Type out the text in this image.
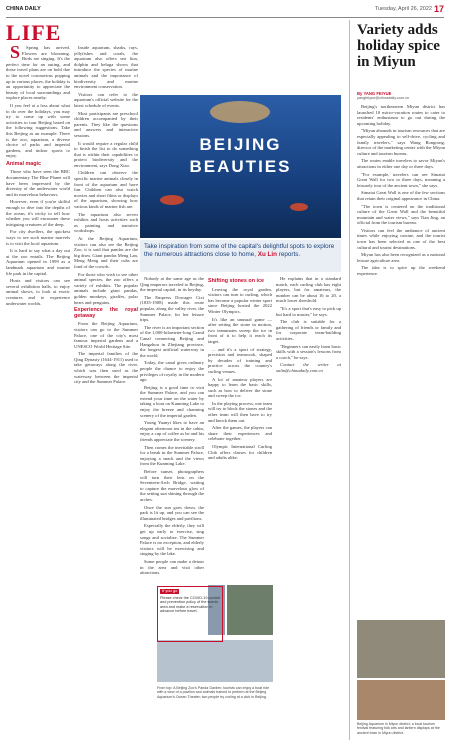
CHINA DAILY	Tuesday, April 26, 2022 17
LIFE

S Spring has arrived. Flowers are blooming. Birds are singing. It's the perfect time for an outing, and those travel plans are on hold due to the novel coronavirus popping up in various places, the holiday is an opportunity to appreciate the beauty of local surroundings and explore places nearby.

If you feel at a loss about what to do over the holidays, you may try to come up with some activities to tour Beijing based on the following suggestions. Take this Beijing as an example. There is the zoo, aquarium, a diverse choice of parks and imperial gardens, and indoor sports to enjoy.

Animal magic

Those who have seen the BBC documentary The Blue Planet will have been impressed by the diversity of the underwater world and its marvelous behaviors.

However, even if you're skilful enough to dive into the depths of the ocean, it's tricky to tell how whether you will encounter these intriguing creatures of the deep.

For city dwellers, the quickest ways to see such marine marvels is to visit the local aquarium.

It is hard to say what a day out at the zoo entails. The Beijing Aquarium opened in 1999 as a landmark aquarium and marine life park in the capital.

Hosts and visitors can see several exhibition halls, to enjoy animal shows, to look at exotic creatures and to experience underwater worlds.

Inside aquarium, sharks, rays, jellyfishes and corals, the aquarium also offers sea lion, dolphin and beluga shows that introduce the species of marine animals and the importance of biodiversity and marine environment conservation.

Visitors can refer to the aquarium's official website for the latest schedule of events.

Most participants are preschool children accompanied by their parents. They like the questions and answers and interactive sessions.

It would require a regular child to finish the list to do something that is within their capabilities to protect biodiversity and the environment, says Dong Xiao.

Children can observe the specific marine animals closely in front of the aquarium and have fun. Children can also watch movies and short films or displays of the aquarium, showing how various kinds of marine fish are.

The aquarium also serves exhibits and hosts activities such as painting and narrative workshops.

At the Beijing Aquarium, visitors can also see the Beijing Zoo, it is said that pandas are the big draw. Giant pandas Meng Lan, Meng Meng and their cubs are fond of the crowds.

For those who wish to see other animal species, the zoo offers a variety of exhibits. The popular animals include giant pandas, golden monkeys, giraffes, polar bears and penguins.

Experience the royal getaway

From the Beijing Aquarium, visitors can go to the Summer Palace, one of the city's most famous imperial gardens and a UNESCO World Heritage Site.

The imperial families of the Qing Dynasty (1644-1911) used to take getaways along the river, which was then used as the waterway between the imperial city and the Summer Palace.

BEIJING
BEAUTIES
Take inspiration from some of the capital's delightful spots to explore the numerous attractions close to home, Xu Lin reports.

Nobody at the same age as the Qing emperors traveled to Beijing, the imperial capital, in its heyday.

The Empress Dowager Cixi (1835-1908) made this route popular, along the valley river, the Summer Palace, for her leisure trips.

The river is an important section of the 1,000-kilometer-long Grand Canal connecting Beijing and Hangzhou in Zhejiang province, the longest artificial waterway in the world.

Today, the canal gives ordinary people the chance to enjoy the privileges of royalty in the modern age.

Beijing is a good time to visit the Summer Palace, and you can extend your time on the water by taking a boat on Kunming Lake to enjoy the breeze and charming scenery of the imperial garden.

Young Yuanyi likes to have an elegant afternoon tea in the cabin, enjoy a cup of coffee as he and his friends appreciate the scenery.

Then comes the inevitable stroll for a break in the Summer Palace, enjoying a snack and the views from the Kunming Lake.

Before sunset, photographers will turn their lens on the Seventeen-Arch Bridge, waiting to capture the marvelous glow of the setting sun shining through the arches.

Once the sun goes down, the park is lit up, and you can see the illuminated bridges and pavilions.

Especially the elderly, they will get up early to exercise, sing songs and socialize. The Summer Palace is no exception, and elderly visitors will be exercising and singing by the lake.

Some people can make a detour in the area and visit other attractions.

Shifting stones on ice

Leaving the royal garden, visitors can turn to curling, which has become a popular winter sport since Beijing hosted the 2022 Winter Olympics.

It's like an unusual game — after setting the stone in motion, two teammates sweep the ice in front of it to help it reach its target.

... and it's a sport of strategy, precision and teamwork, shaped by decades of training and practice across the country's curling venues.

A lot of amateur players are happy to learn the basic skills, such as how to deliver the stone and sweep the ice.

In the playing process, one team will try to block the stones and the other team will then have to try and knock them out.

After the games, the players can share their experiences and celebrate together.

Olympic International Curling Club offers classes for children and adults alike.

He explains that in a standard match, each curling club has eight players, but for amateurs, the number can be about 16 to 20, a much lower threshold.

"It's a sport that's easy to pick up but hard to master," he says.

The club is suitable for a gathering of friends or family and for corporate team-building activities.

"Beginners can easily learn basic skills with a session's lessons from a coach," he says.

Contact the writer at xulin@chinadaily.com.cn

If you go
Please check the COVID-19 control and prevention policy of the scenic area and make a reservation in advance before travel.
From top: A Beijing Zoo's Panda Garden; tourists can enjoy a boat ride with a view of a pavilion and animals trained to perform at the Beijing Aquarium's Ocean Theater; two people try curling at a club in Beijing.
Variety adds holiday spice in Miyun
By YANG FEIYUE
yangfeiyue@chinadaily.com.cn

Beijing's northeastern Miyun district has launched 10 micro-vacation routes to cater to residents' enthusiasm to go out during the upcoming holiday.

"Miyun abounds in tourism resources that are especially appealing to self-drive, cycling and family travelers," says Wang Rongrong, director of the marketing center with the Miyun culture and tourism bureau.

The routes enable travelers to savor Miyun's attractions in either one day or three days.

"For example, travelers can see Simatai Great Wall for two or three days, meaning a leisurely tour of the ancient town," she says.

Simatai Great Wall is one of the few sections that retain their original appearance in China.

"The town is centered on the traditional culture of the Great Wall and the beautiful mountain and water views," says Tian Jing, an official from the tourism bureau.

Visitors can feel the ambiance of ancient times while enjoying cuisine, and the tourist town has been selected as one of the best cultural and tourist destinations.

Miyun has also been recognized as a national leisure agriculture area.

The idea is to spice up the weekend experience.

Beijing Aquarium in Miyun district; a local tourism festival featuring folk arts and lantern displays at the ancient town in Miyun district.
